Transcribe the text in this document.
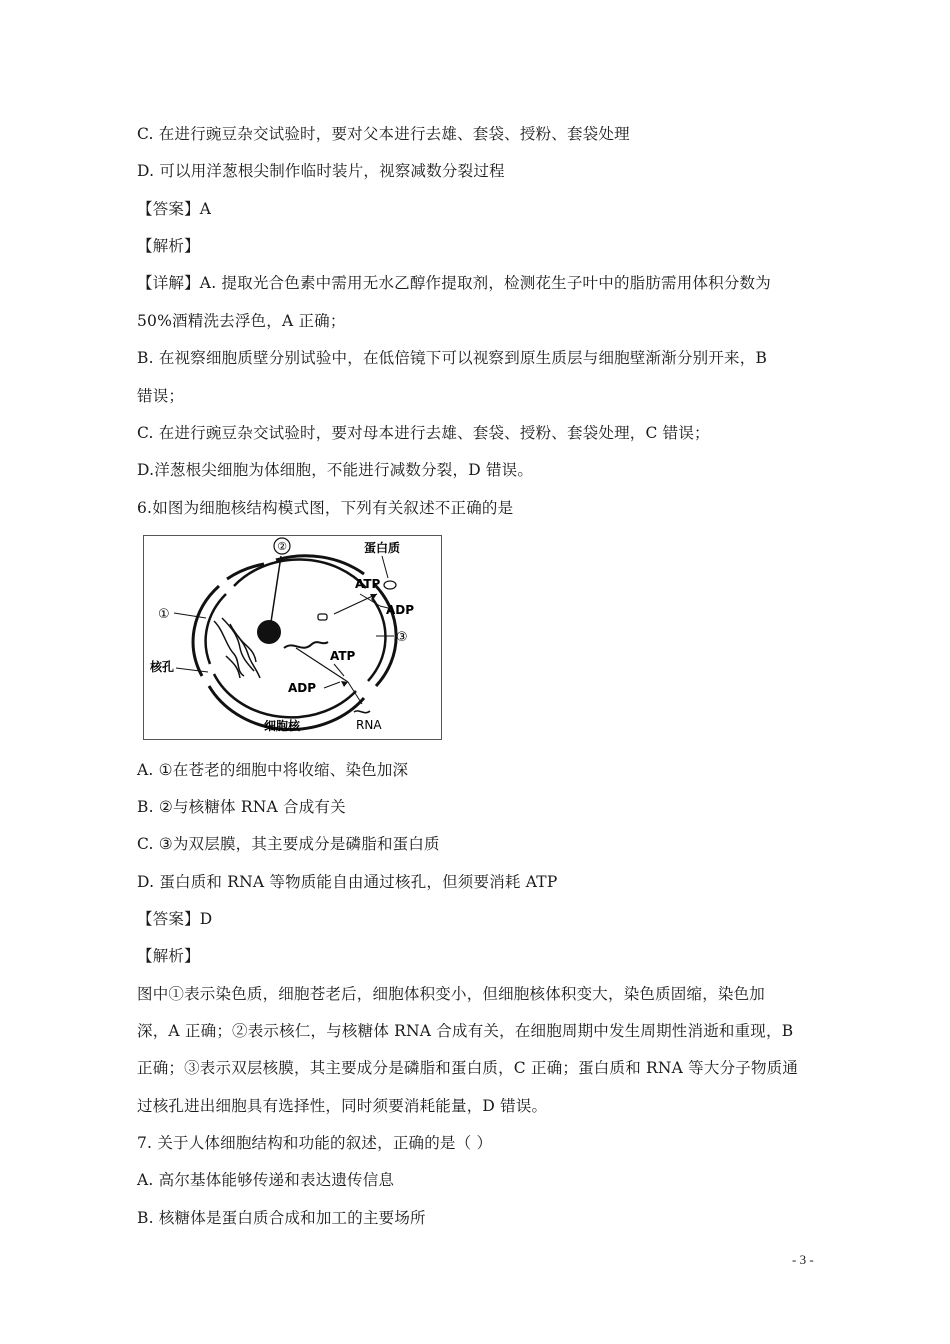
C. 在进行豌豆杂交试验时，要对父本进行去雄、套袋、授粉、套袋处理
D. 可以用洋葱根尖制作临时装片，视察减数分裂过程
【答案】A
【解析】
【详解】A. 提取光合色素中需用无水乙醇作提取剂，检测花生子叶中的脂肪需用体积分数为
50%酒精洗去浮色，A 正确；
B. 在视察细胞质壁分别试验中，在低倍镜下可以视察到原生质层与细胞壁渐渐分别开来，B
错误；
C. 在进行豌豆杂交试验时，要对母本进行去雄、套袋、授粉、套袋处理，C 错误；
D.洋葱根尖细胞为体细胞，不能进行减数分裂，D 错误。
6.如图为细胞核结构模式图，下列有关叙述不正确的是
②
①
核孔
蛋白质
ATP
ADP
③
ATP
ADP
RNA
细胞核
A. ①在苍老的细胞中将收缩、染色加深
B. ②与核糖体 RNA 合成有关
C. ③为双层膜，其主要成分是磷脂和蛋白质
D. 蛋白质和 RNA 等物质能自由通过核孔，但须要消耗 ATP
【答案】D
【解析】
图中①表示染色质，细胞苍老后，细胞体积变小，但细胞核体积变大，染色质固缩，染色加
深，A 正确；②表示核仁，与核糖体 RNA 合成有关，在细胞周期中发生周期性消逝和重现，B
正确；③表示双层核膜，其主要成分是磷脂和蛋白质，C 正确；蛋白质和 RNA 等大分子物质通
过核孔进出细胞具有选择性，同时须要消耗能量，D 错误。
7. 关于人体细胞结构和功能的叙述，正确的是（ ）
A. 高尔基体能够传递和表达遗传信息
B. 核糖体是蛋白质合成和加工的主要场所
- 3 -
